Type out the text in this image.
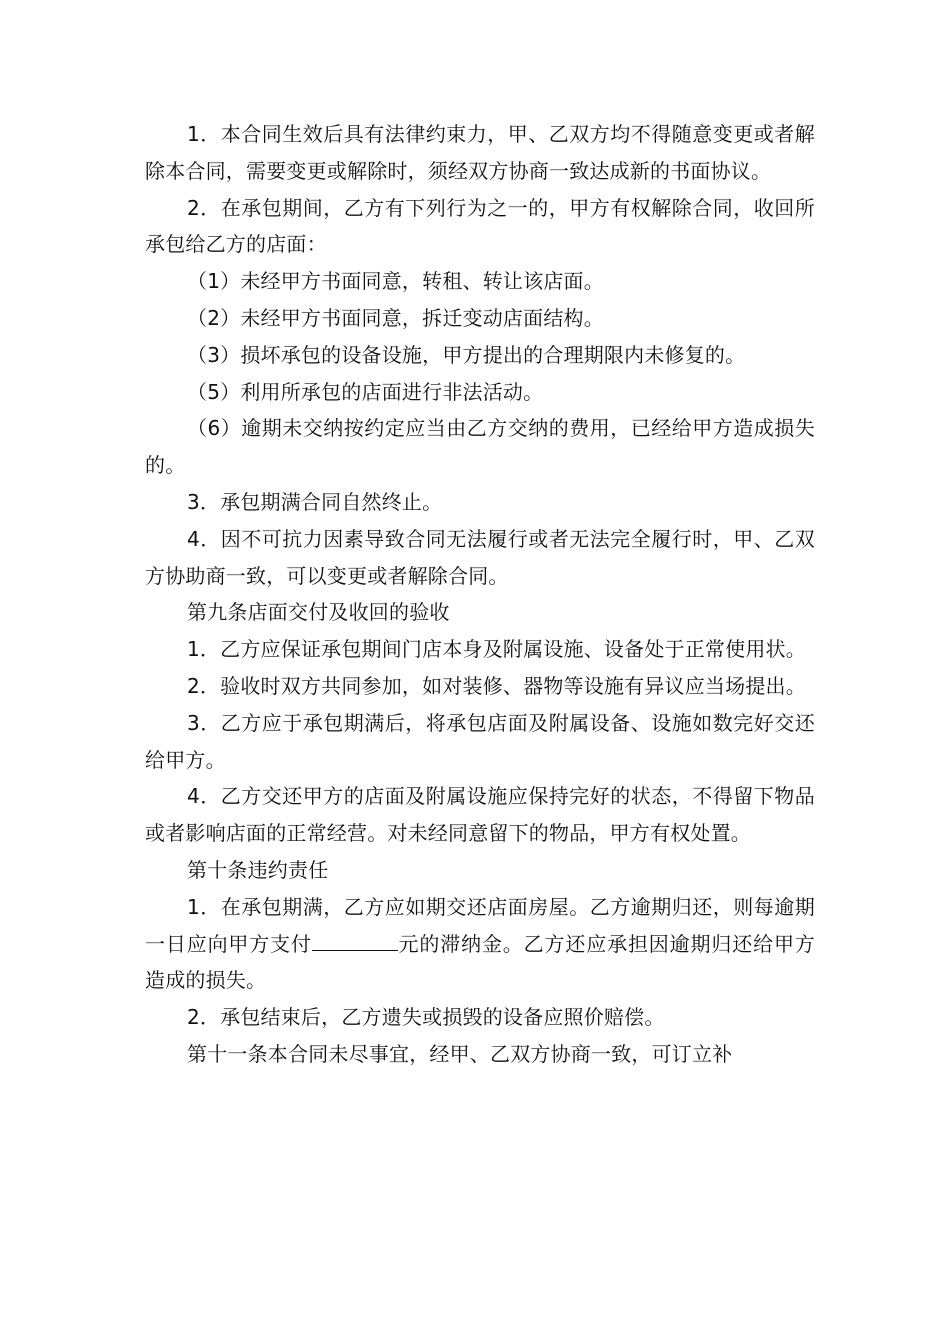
1．本合同生效后具有法律约束力，甲、乙双方均不得随意变更或者解除本合同，需要变更或解除时，须经双方协商一致达成新的书面协议。

2．在承包期间，乙方有下列行为之一的，甲方有权解除合同，收回所承包给乙方的店面：

（1）未经甲方书面同意，转租、转让该店面。

（2）未经甲方书面同意，拆迁变动店面结构。

（3）损坏承包的设备设施，甲方提出的合理期限内未修复的。

（5）利用所承包的店面进行非法活动。

（6）逾期未交纳按约定应当由乙方交纳的费用，已经给甲方造成损失的。

3．承包期满合同自然终止。

4．因不可抗力因素导致合同无法履行或者无法完全履行时，甲、乙双方协助商一致，可以变更或者解除合同。

第九条店面交付及收回的验收

1．乙方应保证承包期间门店本身及附属设施、设备处于正常使用状。

2．验收时双方共同参加，如对装修、器物等设施有异议应当场提出。

3．乙方应于承包期满后，将承包店面及附属设备、设施如数完好交还给甲方。

4．乙方交还甲方的店面及附属设施应保持完好的状态，不得留下物品或者影响店面的正常经营。对未经同意留下的物品，甲方有权处置。

第十条违约责任

1．在承包期满，乙方应如期交还店面房屋。乙方逾期归还，则每逾期一日应向甲方支付	元的滞纳金。乙方还应承担因逾期归还给甲方造成的损失。

2．承包结束后，乙方遗失或损毁的设备应照价赔偿。

第十一条本合同未尽事宜，经甲、乙双方协商一致，可订立补
